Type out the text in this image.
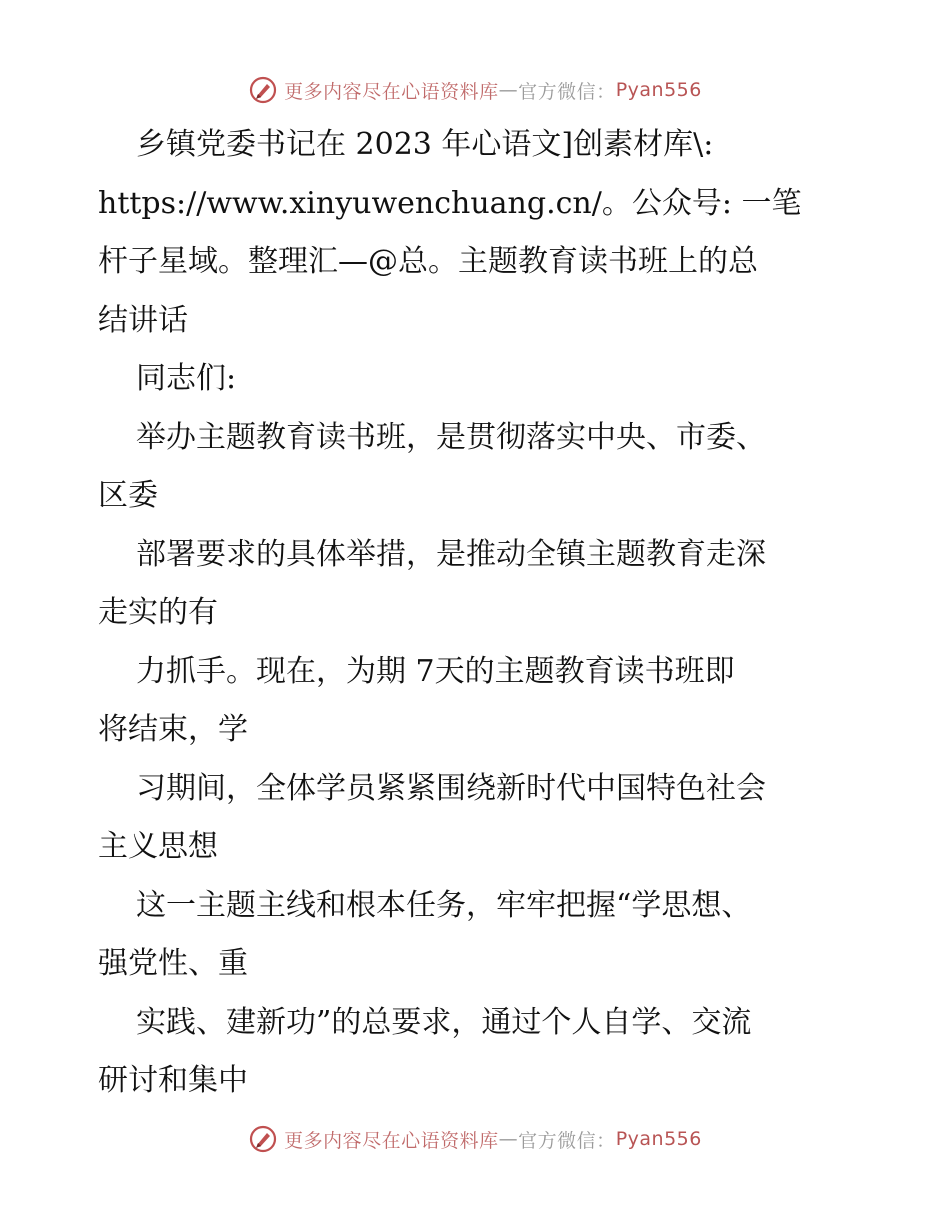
更多内容尽在心语资料库 — 官方微信： Pyan556
乡镇党委书记在 2023 年心语文]创素材库\:
https://www.xinyuwenchuang.cn/。公众号: 一笔
杆子星域。整理汇—@总。主题教育读书班上的总
结讲话
同志们:
举办主题教育读书班，是贯彻落实中央、市委、
区委
部署要求的具体举措，是推动全镇主题教育走深
走实的有
力抓手。现在，为期 7天的主题教育读书班即
将结束，学
习期间，全体学员紧紧围绕新时代中国特色社会
主义思想
这一主题主线和根本任务，牢牢把握“学思想、
强党性、重
实践、建新功”的总要求，通过个人自学、交流
研讨和集中
更多内容尽在心语资料库 — 官方微信： Pyan556
